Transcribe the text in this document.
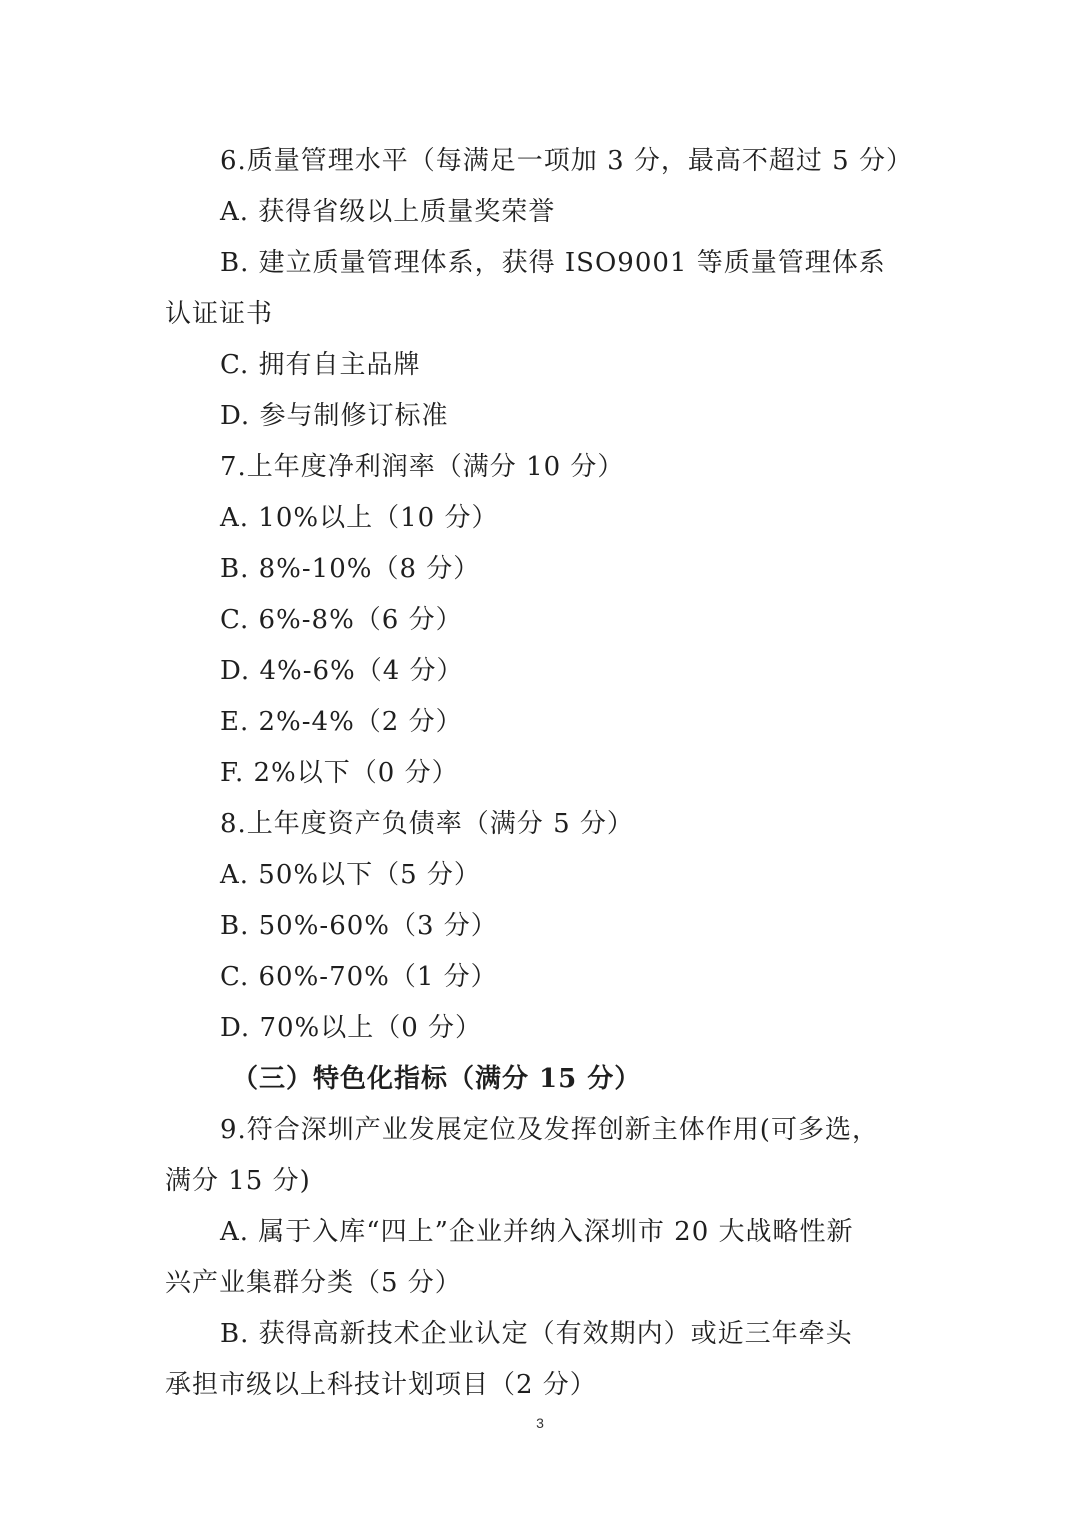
6.质量管理水平（每满足一项加 3 分，最高不超过 5 分）
A. 获得省级以上质量奖荣誉
B. 建立质量管理体系，获得 ISO9001 等质量管理体系
认证证书
C. 拥有自主品牌
D. 参与制修订标准
7.上年度净利润率（满分 10 分）
A. 10%以上（10 分）
B. 8%-10%（8 分）
C. 6%-8%（6 分）
D. 4%-6%（4 分）
E. 2%-4%（2 分）
F. 2%以下（0 分）
8.上年度资产负债率（满分 5 分）
A. 50%以下（5 分）
B. 50%-60%（3 分）
C. 60%-70%（1 分）
D. 70%以上（0 分）
（三）特色化指标（满分 15 分）
9.符合深圳产业发展定位及发挥创新主体作用(可多选，
满分 15 分)
A. 属于入库“四上”企业并纳入深圳市 20 大战略性新
兴产业集群分类（5 分）
B. 获得高新技术企业认定（有效期内）或近三年牵头
承担市级以上科技计划项目（2 分）
3
